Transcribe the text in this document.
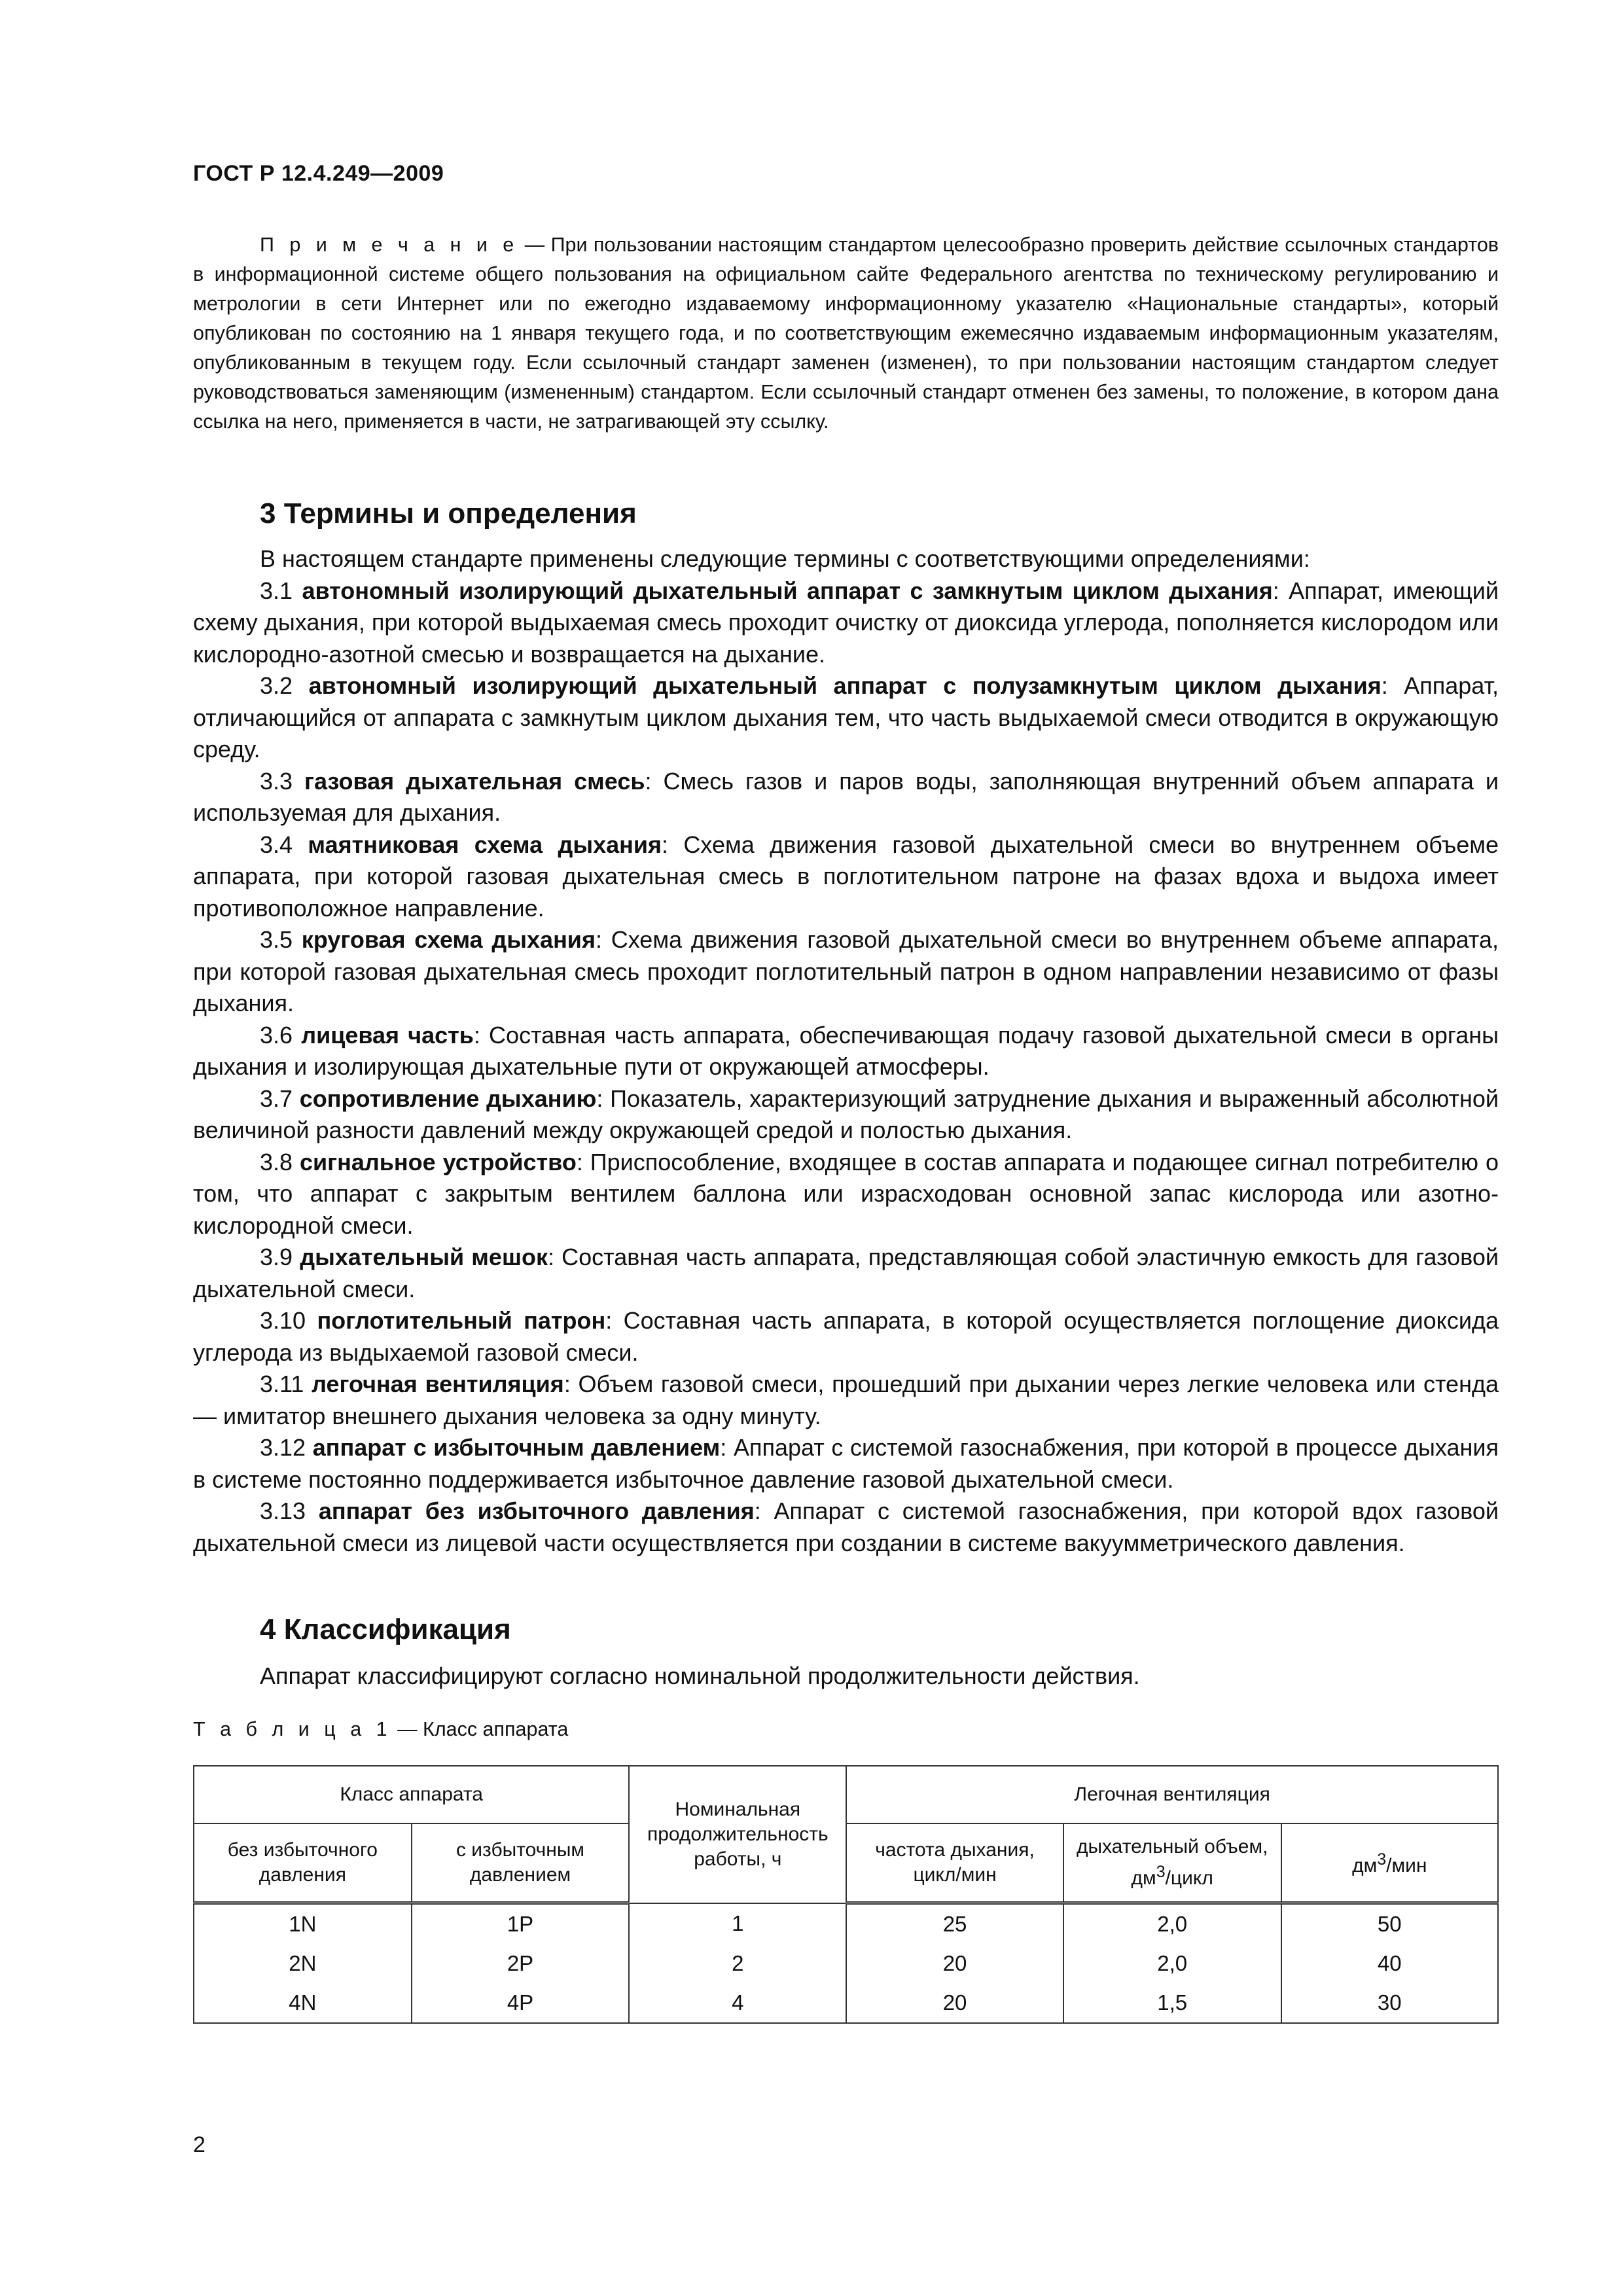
ГОСТ Р 12.4.249—2009

П р и м е ч а н и е — При пользовании настоящим стандартом целесообразно проверить действие ссылочных стандартов в информационной системе общего пользования на официальном сайте Федерального агентства по техническому регулированию и метрологии в сети Интернет или по ежегодно издаваемому информационному указателю «Национальные стандарты», который опубликован по состоянию на 1 января текущего года, и по соответствующим ежемесячно издаваемым информационным указателям, опубликованным в текущем году. Если ссылочный стандарт заменен (изменен), то при пользовании настоящим стандартом следует руководствоваться заменяющим (измененным) стандартом. Если ссылочный стандарт отменен без замены, то положение, в котором дана ссылка на него, применяется в части, не затрагивающей эту ссылку.

3 Термины и определения

В настоящем стандарте применены следующие термины с соответствующими определениями:

3.1 автономный изолирующий дыхательный аппарат с замкнутым циклом дыхания: Аппарат, имеющий схему дыхания, при которой выдыхаемая смесь проходит очистку от диоксида углерода, пополняется кислородом или кислородно-азотной смесью и возвращается на дыхание.

3.2 автономный изолирующий дыхательный аппарат с полузамкнутым циклом дыхания: Аппарат, отличающийся от аппарата с замкнутым циклом дыхания тем, что часть выдыхаемой смеси отводится в окружающую среду.

3.3 газовая дыхательная смесь: Смесь газов и паров воды, заполняющая внутренний объем аппарата и используемая для дыхания.

3.4 маятниковая схема дыхания: Схема движения газовой дыхательной смеси во внутреннем объеме аппарата, при которой газовая дыхательная смесь в поглотительном патроне на фазах вдоха и выдоха имеет противоположное направление.

3.5 круговая схема дыхания: Схема движения газовой дыхательной смеси во внутреннем объеме аппарата, при которой газовая дыхательная смесь проходит поглотительный патрон в одном направлении независимо от фазы дыхания.

3.6 лицевая часть: Составная часть аппарата, обеспечивающая подачу газовой дыхательной смеси в органы дыхания и изолирующая дыхательные пути от окружающей атмосферы.

3.7 сопротивление дыханию: Показатель, характеризующий затруднение дыхания и выраженный абсолютной величиной разности давлений между окружающей средой и полостью дыхания.

3.8 сигнальное устройство: Приспособление, входящее в состав аппарата и подающее сигнал потребителю о том, что аппарат с закрытым вентилем баллона или израсходован основной запас кислорода или азотно-кислородной смеси.

3.9 дыхательный мешок: Составная часть аппарата, представляющая собой эластичную емкость для газовой дыхательной смеси.

3.10 поглотительный патрон: Составная часть аппарата, в которой осуществляется поглощение диоксида углерода из выдыхаемой газовой смеси.

3.11 легочная вентиляция: Объем газовой смеси, прошедший при дыхании через легкие человека или стенда — имитатор внешнего дыхания человека за одну минуту.

3.12 аппарат с избыточным давлением: Аппарат с системой газоснабжения, при которой в процессе дыхания в системе постоянно поддерживается избыточное давление газовой дыхательной смеси.

3.13 аппарат без избыточного давления: Аппарат с системой газоснабжения, при которой вдох газовой дыхательной смеси из лицевой части осуществляется при создании в системе вакуумметрического давления.

4 Классификация

Аппарат классифицируют согласно номинальной продолжительности действия.

Т а б л и ц а 1 — Класс аппарата
Класс аппарата		Номинальная продолжительность работы, ч	Легочная вентиляция		
без избыточного давления	с избыточным давлением		частота дыхания, цикл/мин	дыхательный объем, $дм^3$/цикл	$дм^3$/мин
1N	1P	1	25	2,0	50
2N	2P	2	20	2,0	40
4N	4P	4	20	1,5	30
2
